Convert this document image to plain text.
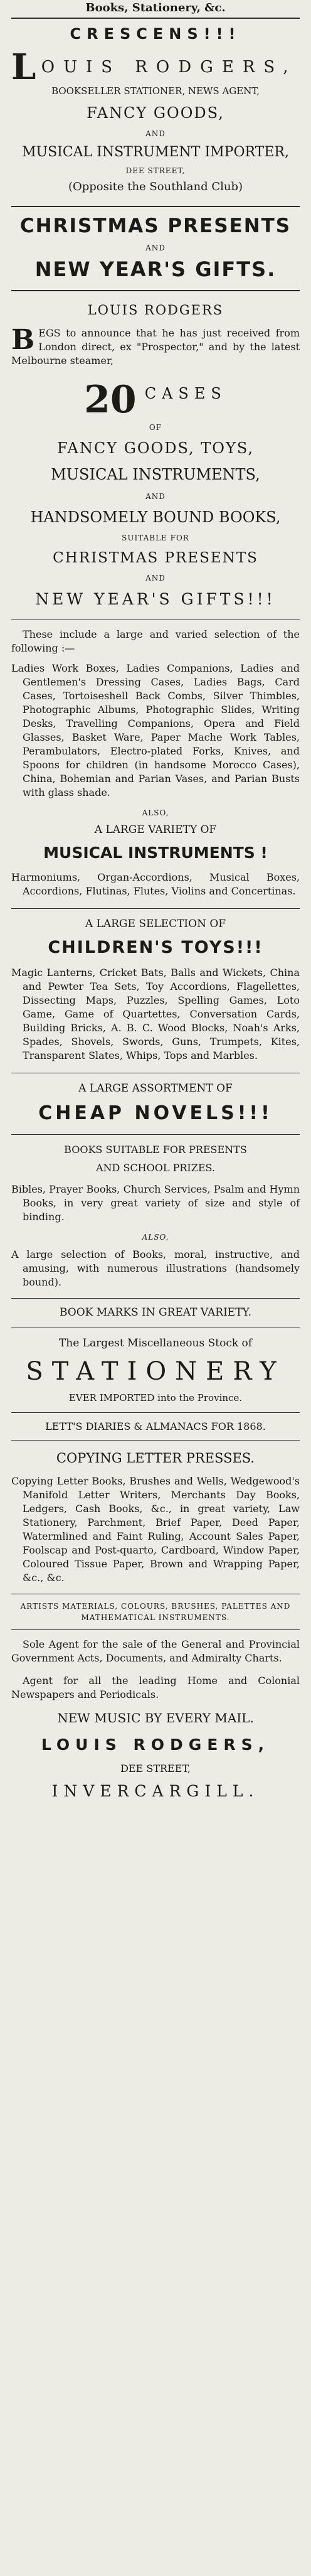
Books, Stationery, &c.
CRESCENS!!!
L OUIS RODGERS,
BOOKSELLER STATIONER, NEWS AGENT,
FANCY GOODS,
AND
MUSICAL INSTRUMENT IMPORTER,
DEE STREET,
(Opposite the Southland Club)
CHRISTMAS PRESENTS
AND
NEW YEAR'S GIFTS.
LOUIS RODGERS

BEGS to announce that he has just received from London direct, ex "Prospector," and by the latest Melbourne steamer,

20 CASES
OF
FANCY GOODS, TOYS,
MUSICAL INSTRUMENTS,
AND
HANDSOMELY BOUND BOOKS,
SUITABLE FOR
CHRISTMAS PRESENTS
AND
NEW YEAR'S GIFTS!!!

These include a large and varied selection of the following :—

Ladies Work Boxes, Ladies Companions, Ladies and Gentlemen's Dressing Cases, Ladies Bags, Card Cases, Tortoiseshell Back Combs, Silver Thimbles, Photographic Albums, Photographic Slides, Writing Desks, Travelling Companions, Opera and Field Glasses, Basket Ware, Paper Mache Work Tables, Perambulators, Electro-plated Forks, Knives, and Spoons for children (in handsome Morocco Cases), China, Bohemian and Parian Vases, and Parian Busts with glass shade.

ALSO,
A LARGE VARIETY OF
MUSICAL INSTRUMENTS !

Harmoniums, Organ-Accordions, Musical Boxes, Accordions, Flutinas, Flutes, Violins and Concertinas.

A LARGE SELECTION OF
CHILDREN'S TOYS!!!

Magic Lanterns, Cricket Bats, Balls and Wickets, China and Pewter Tea Sets, Toy Accordions, Flagellettes, Dissecting Maps, Puzzles, Spelling Games, Loto Game, Game of Quartettes, Conversation Cards, Building Bricks, A. B. C. Wood Blocks, Noah's Arks, Spades, Shovels, Swords, Guns, Trumpets, Kites, Transparent Slates, Whips, Tops and Marbles.

A LARGE ASSORTMENT OF
CHEAP NOVELS!!!
BOOKS SUITABLE FOR PRESENTS
AND SCHOOL PRIZES.

Bibles, Prayer Books, Church Services, Psalm and Hymn Books, in very great variety of size and style of binding.

ALSO,

A large selection of Books, moral, instructive, and amusing, with numerous illustrations (handsomely bound).

BOOK MARKS IN GREAT VARIETY.
The Largest Miscellaneous Stock of
STATIONERY
EVER IMPORTED into the Province.
LETT'S DIARIES & ALMANACS FOR 1868.
COPYING LETTER PRESSES.

Copying Letter Books, Brushes and Wells, Wedgewood's Manifold Letter Writers, Merchants Day Books, Ledgers, Cash Books, &c., in great variety, Law Stationery, Parchment, Brief Paper, Deed Paper, Watermlined and Faint Ruling, Account Sales Paper, Foolscap and Post-quarto, Cardboard, Window Paper, Coloured Tissue Paper, Brown and Wrapping Paper, &c., &c.

ARTISTS MATERIALS, COLOURS, BRUSHES, PALETTES AND MATHEMATICAL INSTRUMENTS.

Sole Agent for the sale of the General and Provincial Government Acts, Documents, and Admiralty Charts.

Agent for all the leading Home and Colonial Newspapers and Periodicals.

NEW MUSIC BY EVERY MAIL.
LOUIS RODGERS,
DEE STREET,
INVERCARGILL.
